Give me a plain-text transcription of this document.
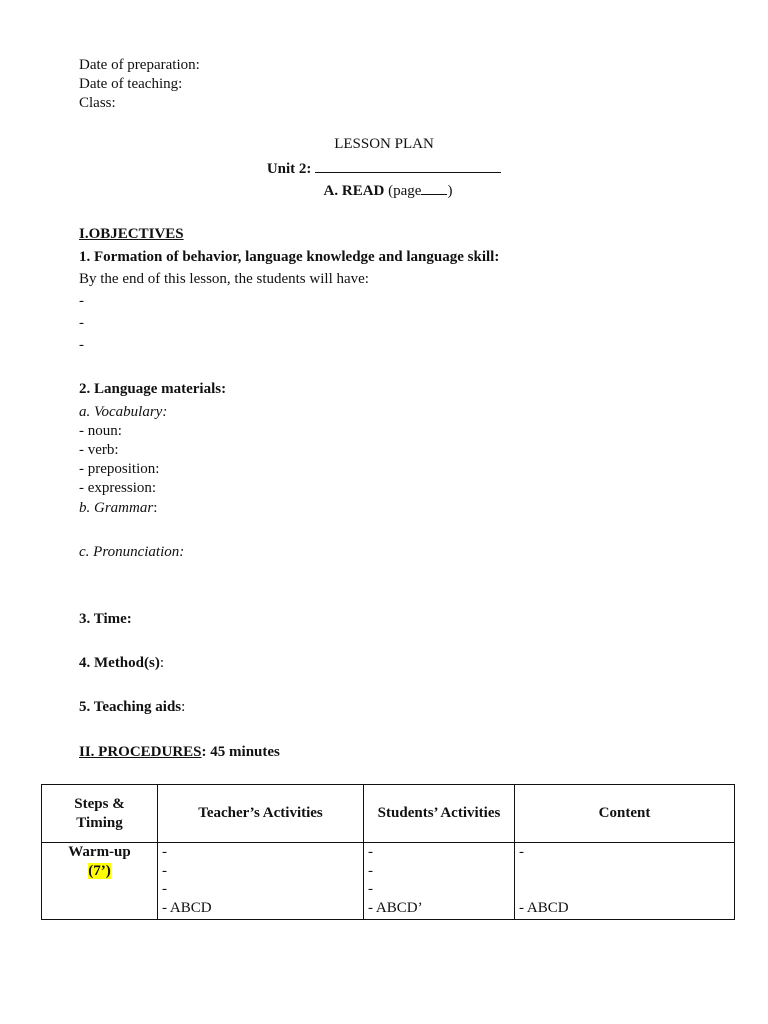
Date of preparation:
Date of teaching:
Class:
LESSON PLAN
Unit 2:
A. READ (page )
I.OBJECTIVES
1. Formation of behavior, language knowledge and language skill:
By the end of this lesson, the students will have:
-
-
-
2. Language materials:
a. Vocabulary:
- noun:
- verb:
- preposition:
- expression:
b. Grammar:
c. Pronunciation:
3. Time:
4. Method(s):
5. Teaching aids:
II. PROCEDURES: 45 minutes
Steps & Timing	Teacher’s Activities	Students’ Activities	Content

Warm-up
(7’)	-
-
-
- ABCD	-
-
-
- ABCD’	-
- ABCD
